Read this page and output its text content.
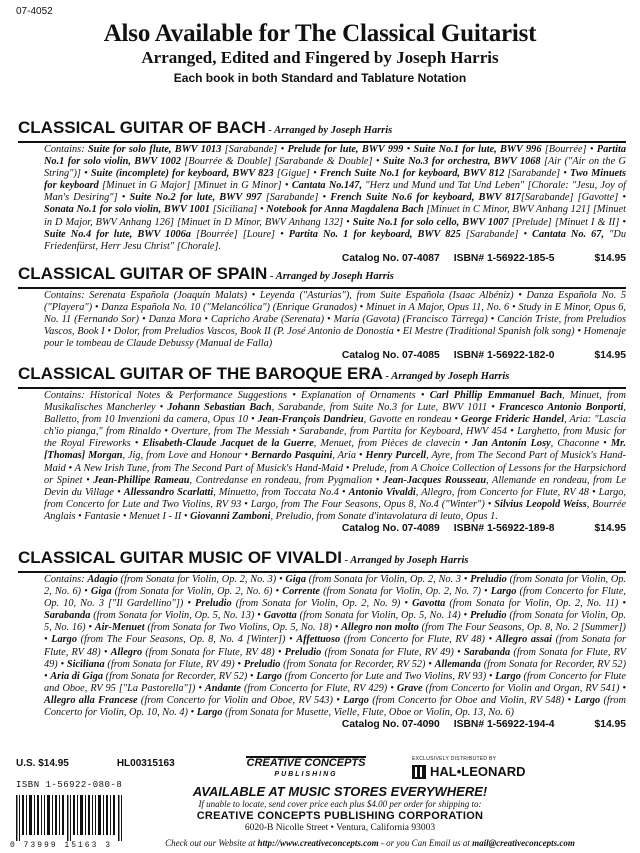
07-4052
Also Available for The Classical Guitarist
Arranged, Edited and Fingered by Joseph Harris
Each book in both Standard and Tablature Notation
CLASSICAL GUITAR OF BACH - Arranged by Joseph Harris
Contains: Suite for solo flute, BWV 1013 [Sarabande] • Prelude for lute, BWV 999 • Suite No.1 for lute, BWV 996 [Bourrée] • Partita No.1 for solo violin, BWV 1002 [Bourrée & Double] [Sarabande & Double] • Suite No.3 for orchestra, BWV 1068 [Air ("Air on the G String")] • Suite (incomplete) for keyboard, BWV 823 [Gigue] • French Suite No.1 for keyboard, BWV 812 [Sarabande] • Two Minuets for keyboard [Minuet in G Major] [Minuet in G Minor] • Cantata No.147, "Herz und Mund und Tat Und Leben" [Chorale: "Jesu, Joy of Man's Desiring"] • Suite No.2 for lute, BWV 997 [Sarabande] • French Suite No.6 for keyboard, BWV 817[Sarabande] [Gavotte] • Sonata No.1 for solo violin, BWV 1001 [Siciliana] • Notebook for Anna Magdalena Bach [Minuet in C Minor, BWV Anhang 121] [Minuet in D Major, BWV Anhang 126] [Minuet in D Minor, BWV Anhang 132] • Suite No.1 for solo cello, BWV 1007 [Prelude] [Minuet I & II] • Suite No.4 for lute, BWV 1006a [Bourrée] [Loure] • Partita No. 1 for keyboard, BWV 825 [Sarabande] • Cantata No. 67, "Du Friedenfürst, Herr Jesu Christ" [Chorale].
Catalog No. 07-4087 ISBN# 1-56922-185-5	$14.95
CLASSICAL GUITAR OF SPAIN - Arranged by Joseph Harris
Contains: Serenata Española (Joaquín Malats) • Leyenda ("Asturias"), from Suite Española (Isaac Albéniz) • Danza Española No. 5 ("Playera") • Danza Española No. 10 ("Melancólica") (Enrique Granados) • Minuet in A Major, Opus 11, No. 6 • Study in E Minor, Opus 6, No. 11 (Fernando Sor) • Danza Mora • Capricho Arabe (Serenata) • María (Gavota) (Francisco Tárrega) • Canción Triste, from Preludios Vascos, Book I • Dolor, from Preludios Vascos, Book II (P. José Antonio de Donostía • El Mestre (Traditional Spanish folk song) • Homenaje pour le tombeau de Claude Debussy (Manual de Falla)
Catalog No. 07-4085 ISBN# 1-56922-182-0	$14.95
CLASSICAL GUITAR OF THE BAROQUE ERA - Arranged by Joseph Harris
Contains: Historical Notes & Performance Suggestions • Explanation of Ornaments • Carl Phillip Emmanuel Bach, Minuet, from Musikalisches Mancherley • Johann Sebastian Bach, Sarabande, from Suite No.3 for Lute, BWV 1011 • Francesco Antonio Bonporti, Balletto, from 10 Invenzioni da camera, Opus 10 • Jean-François Dandrieu, Gavotte en rondeau • George Frideric Handel, Aria: "Lascia ch'io pianga," from Rinaldo • Overture, from The Messiah • Sarabande, from Partita for Keyboard, HWV 454 • Larghetto, from Music for the Royal Fireworks • Elisabeth-Claude Jacquet de la Guerre, Menuet, from Pièces de clavecin • Jan Antonín Losy, Chaconne • Mr. [Thomas] Morgan, Jig, from Love and Honour • Bernardo Pasquini, Aria • Henry Purcell, Ayre, from The Second Part of Musick's Hand-Maid • A New Irish Tune, from The Second Part of Musick's Hand-Maid • Prelude, from A Choice Collection of Lessons for the Harpsichord or Spinet • Jean-Phillipe Rameau, Contredanse en rondeau, from Pygmalion • Jean-Jacques Rousseau, Allemande en rondeau, from Le Devin du Village • Allessandro Scarlatti, Minuetto, from Toccata No.4 • Antonio Vivaldi, Allegro, from Concerto for Flute, RV 48 • Largo, from Concerto for Lute and Two Violins, RV 93 • Largo, from The Four Seasons, Opus 8, No.4 ("Winter") • Silvius Leopold Weiss, Bourrée Anglais • Fantasie • Menuet I - II • Giovanni Zamboni, Preludio, from Sonate d'intavolatura di leuto, Opus 1.
Catalog No. 07-4089 ISBN# 1-56922-189-8	$14.95
CLASSICAL GUITAR MUSIC OF VIVALDI - Arranged by Joseph Harris
Contains: Adagio (from Sonata for Violin, Op. 2, No. 3) • Giga (from Sonata for Violin, Op. 2, No. 3 • Preludio (from Sonata for Violin, Op. 2, No. 6) • Giga (from Sonata for Violin, Op. 2, No. 6) • Corrente (from Sonata for Violin, Op. 2, No. 7) • Largo (from Concerto for Flute, Op. 10, No. 3 ["Il Gardellino"]) • Preludio (from Sonata for Violin, Op. 2, No. 9) • Gavotta (from Sonata for Violin, Op. 2, No. 11) • Sarabanda (from Sonata for Violin, Op. 5, No. 13) • Gavotta (from Sonata for Violin, Op. 5, No. 14) • Preludio (from Sonata for Violin, Op. 5, No. 16) • Air-Menuet (from Sonata for Two Violins, Op. 5, No. 18) • Allegro non molto (from The Four Seasons, Op. 8, No. 2 [Summer]) • Largo (from The Four Seasons, Op. 8, No. 4 [Winter]) • Affettuoso (from Concerto for Flute, RV 48) • Allegro assai (from Sonata for Flute, RV 48) • Allegro (from Sonata for Flute, RV 48) • Preludio (from Sonata for Flute, RV 49) • Sarabanda (from Sonata for Flute, RV 49) • Siciliana (from Sonata for Flute, RV 49) • Preludio (from Sonata for Recorder, RV 52) • Allemanda (from Sonata for Recorder, RV 52) • Aria di Giga (from Sonata for Recorder, RV 52) • Largo (from Concerto for Lute and Two Violins, RV 93) • Largo (from Concerto for Flute and Oboe, RV 95 ["La Pastorella"]) • Andante (from Concerto for Flute, RV 429) • Grave (from Concerto for Violin and Organ, RV 541) • Allegro alla Francese (from Concerto for Violin and Oboe, RV 543) • Largo (from Concerto for Oboe and Violin, RV 548) • Largo (from Concerto for Violin, Op. 10, No. 4) • Largo (from Sonata for Musette, Vielle, Flute, Oboe or Violin, Op. 13, No. 6)
Catalog No. 07-4090 ISBN# 1-56922-194-4	$14.95
U.S. $14.95	HL00315163
ISBN 1-56922-080-8
0 73999 15163 3
CREATIVE CONCEPTS
PUBLISHING
EXCLUSIVELY DISTRIBUTED BY
HAL•LEONARD
AVAILABLE AT MUSIC STORES EVERYWHERE!
If unable to locate, send cover price each plus $4.00 per order for shipping to:
CREATIVE CONCEPTS PUBLISHING CORPORATION
6020-B Nicolle Street • Ventura, California 93003
Check out our Website at http://www.creativeconcepts.com - or you Can Email us at mail@creativeconcepts.com
